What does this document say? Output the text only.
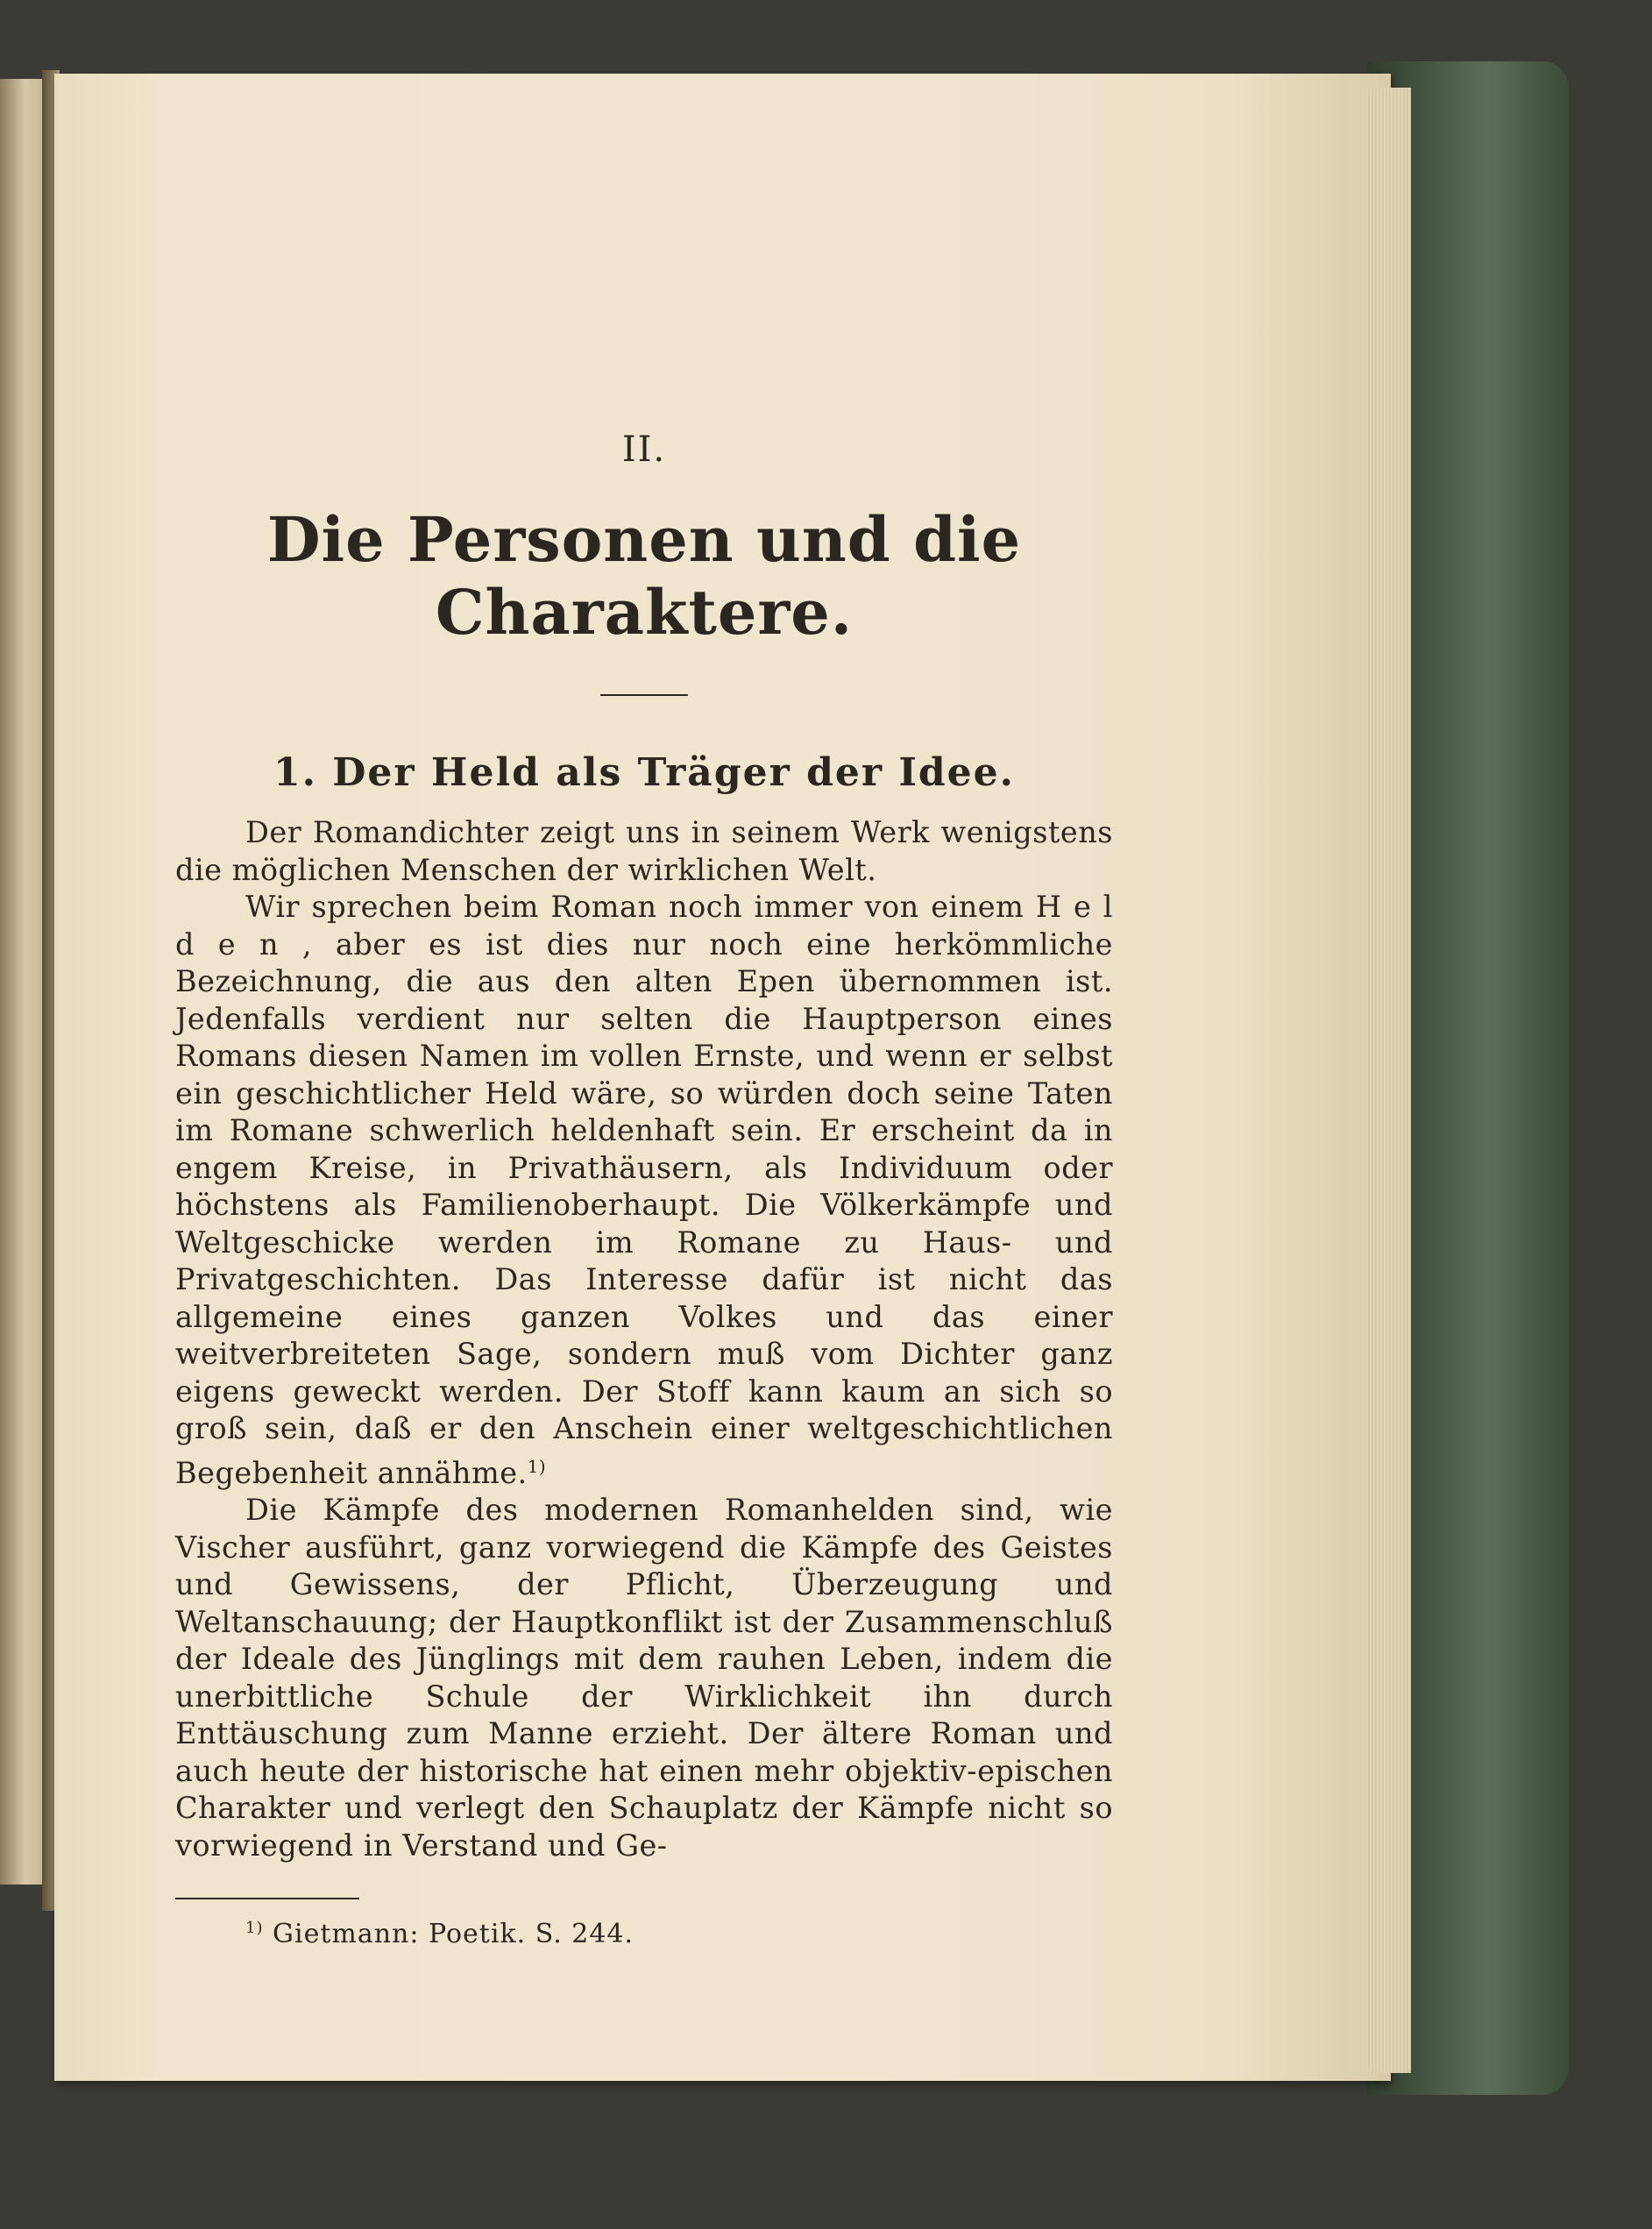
II.
Die Personen und die Charaktere.
1. Der Held als Träger der Idee.

Der Romandichter zeigt uns in seinem Werk wenigstens die möglichen Menschen der wirklichen Welt.

Wir sprechen beim Roman noch immer von einem H e l d e n , aber es ist dies nur noch eine herkömmliche Bezeichnung, die aus den alten Epen übernommen ist. Jedenfalls verdient nur selten die Hauptperson eines Romans diesen Namen im vollen Ernste, und wenn er selbst ein geschichtlicher Held wäre, so würden doch seine Taten im Romane schwerlich heldenhaft sein. Er erscheint da in engem Kreise, in Privathäusern, als Individuum oder höchstens als Familienoberhaupt. Die Völkerkämpfe und Weltgeschicke werden im Romane zu Haus- und Privatgeschichten. Das Interesse dafür ist nicht das allgemeine eines ganzen Volkes und das einer weitverbreiteten Sage, sondern muß vom Dichter ganz eigens geweckt werden. Der Stoff kann kaum an sich so groß sein, daß er den Anschein einer weltgeschichtlichen Begebenheit annähme.$^{1)}$

Die Kämpfe des modernen Romanhelden sind, wie Vischer ausführt, ganz vorwiegend die Kämpfe des Geistes und Gewissens, der Pflicht, Überzeugung und Weltanschauung; der Hauptkonflikt ist der Zusammenschluß der Ideale des Jünglings mit dem rauhen Leben, indem die unerbittliche Schule der Wirklichkeit ihn durch Enttäuschung zum Manne erzieht. Der ältere Roman und auch heute der historische hat einen mehr objektiv-epischen Charakter und verlegt den Schauplatz der Kämpfe nicht so vorwiegend in Verstand und Ge-

$^{1)}$ Gietmann: Poetik. S. 244.
